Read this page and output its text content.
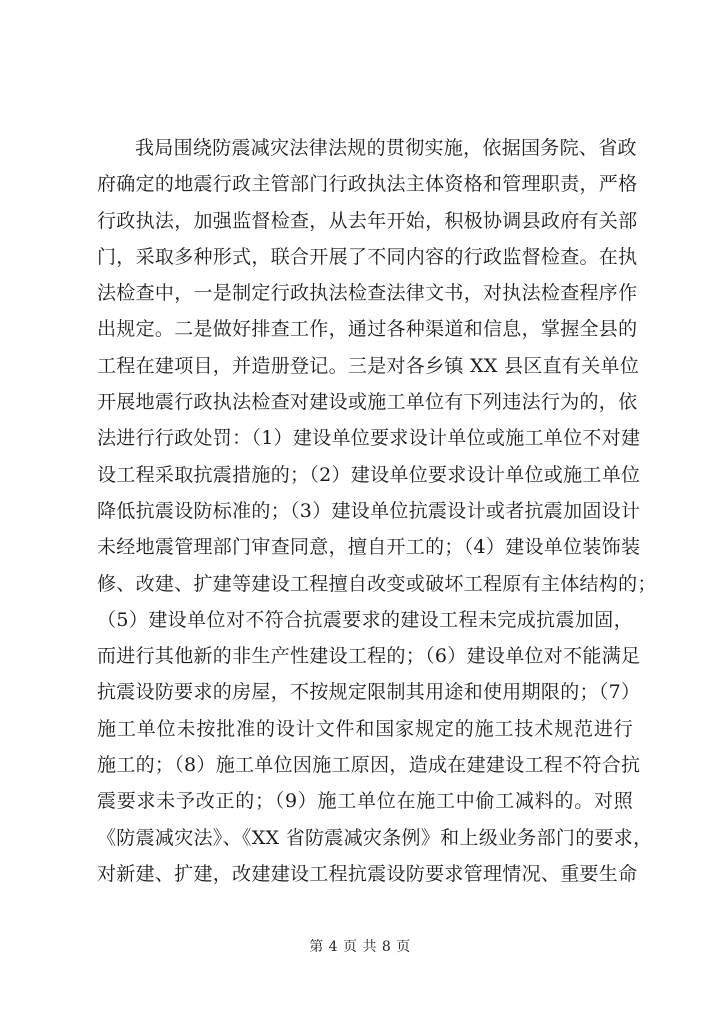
我局围绕防震减灾法律法规的贯彻实施，依据国务院、省政
府确定的地震行政主管部门行政执法主体资格和管理职责，严格
行政执法，加强监督检查，从去年开始，积极协调县政府有关部
门，采取多种形式，联合开展了不同内容的行政监督检查。在执
法检查中，一是制定行政执法检查法律文书，对执法检查程序作
出规定。二是做好排查工作，通过各种渠道和信息，掌握全县的
工程在建项目，并造册登记。三是对各乡镇 XX 县区直有关单位
开展地震行政执法检查对建设或施工单位有下列违法行为的，依
法进行行政处罚：（1）建设单位要求设计单位或施工单位不对建
设工程采取抗震措施的；（2）建设单位要求设计单位或施工单位
降低抗震设防标准的；（3）建设单位抗震设计或者抗震加固设计
未经地震管理部门审查同意，擅自开工的；（4）建设单位装饰装
修、改建、扩建等建设工程擅自改变或破坏工程原有主体结构的；
（5）建设单位对不符合抗震要求的建设工程未完成抗震加固，
而进行其他新的非生产性建设工程的；（6）建设单位对不能满足
抗震设防要求的房屋，不按规定限制其用途和使用期限的；（7）
施工单位未按批准的设计文件和国家规定的施工技术规范进行
施工的；（8）施工单位因施工原因，造成在建建设工程不符合抗
震要求未予改正的；（9）施工单位在施工中偷工减料的。对照
《防震减灾法》、《XX 省防震减灾条例》和上级业务部门的要求，
对新建、扩建，改建建设工程抗震设防要求管理情况、重要生命
第 4 页 共 8 页
